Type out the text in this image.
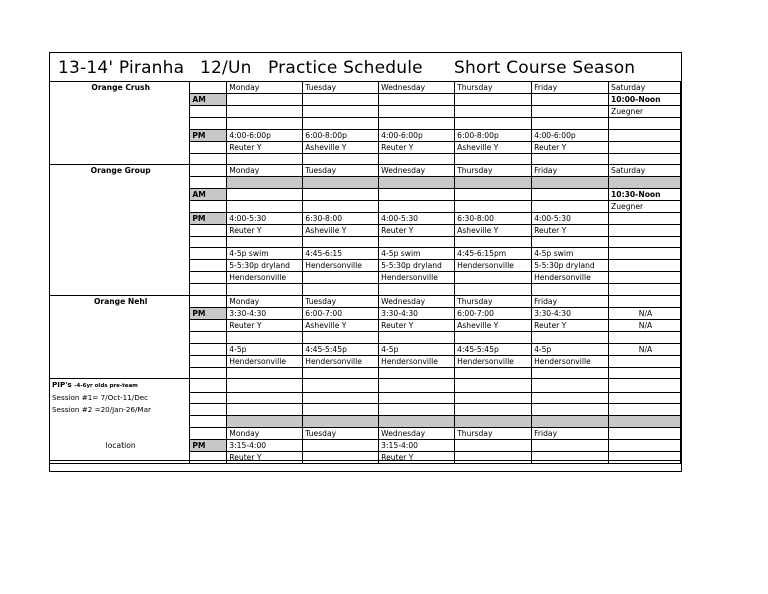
13-14' Piranha 12/Un Practice Schedule Short Course Season
Orange Crush		Monday	Tuesday	Wednesday	Thursday	Friday	Saturday
	AM						10:00-Noon
							Zuegner

	PM	4:00-6:00p	6:00-8:00p	4:00-6:00p	6:00-8:00p	4:00-6:00p	
		Reuter Y	Asheville Y	Reuter Y	Asheville Y	Reuter Y	

Orange Group		Monday	Tuesday	Wednesday	Thursday	Friday	Saturday

	AM						10:30-Noon
							Zuegner
	PM	4:00-5:30	6:30-8:00	4:00-5:30	6:30-8:00	4:00-5:30	
		Reuter Y	Asheville Y	Reuter Y	Asheville Y	Reuter Y	

		4-5p swim	4:45-6:15	4-5p swim	4:45-6:15pm	4-5p swim	
		5-5:30p dryland	Hendersonville	5-5:30p dryland	Hendersonville	5-5:30p dryland	
		Hendersonville		Hendersonville		Hendersonville	

Orange Nehl		Monday	Tuesday	Wednesday	Thursday	Friday	
	PM	3:30-4:30	6:00-7:00	3:30-4:30	6:00-7:00	3:30-4:30	N/A
		Reuter Y	Asheville Y	Reuter Y	Asheville Y	Reuter Y	N/A

		4-5p	4:45-5:45p	4-5p	4:45-5:45p	4-5p	N/A
		Hendersonville	Hendersonville	Hendersonville	Hendersonville	Hendersonville	

PIP's -4-6yr olds pre-team							

Session #1= 7/Oct-11/Dec							

Session #2 =20/Jan-26/Mar							

		Monday	Tuesday	Wednesday	Thursday	Friday	
location	PM	3:15-4:00		3:15-4:00			
		Reuter Y		Reuter Y			
